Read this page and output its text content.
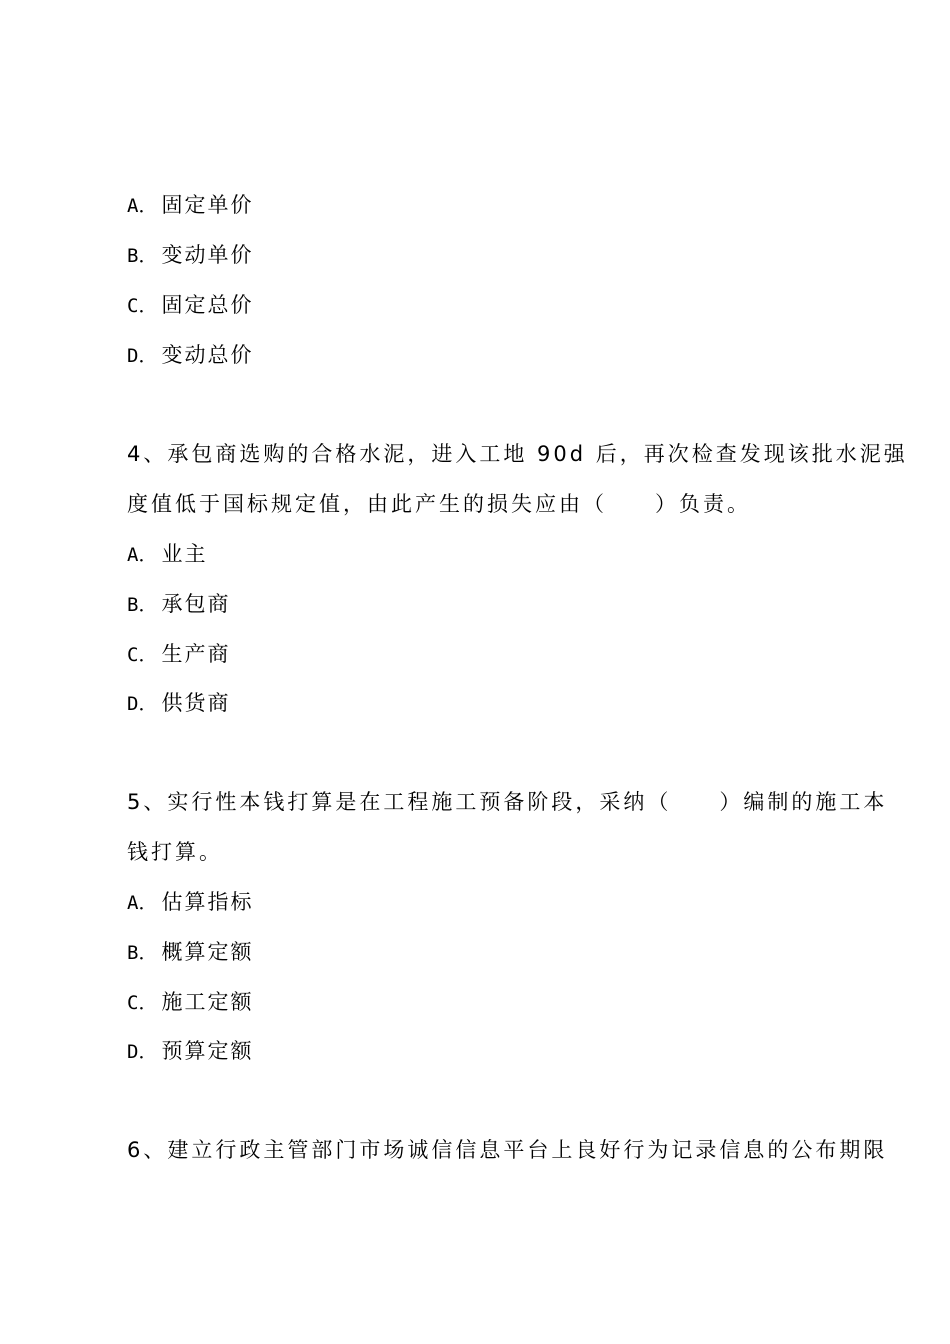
A． 固定单价
B． 变动单价
C． 固定总价
D． 变动总价
4、承包商选购的合格水泥，进入工地 90d 后，再次检查发现该批水泥强
度值低于国标规定值，由此产生的损失应由（　　）负责。
A． 业主
B． 承包商
C． 生产商
D． 供货商
5、实行性本钱打算是在工程施工预备阶段，采纳（　　）编制的施工本
钱打算。
A． 估算指标
B． 概算定额
C． 施工定额
D． 预算定额
6、建立行政主管部门市场诚信信息平台上良好行为记录信息的公布期限
